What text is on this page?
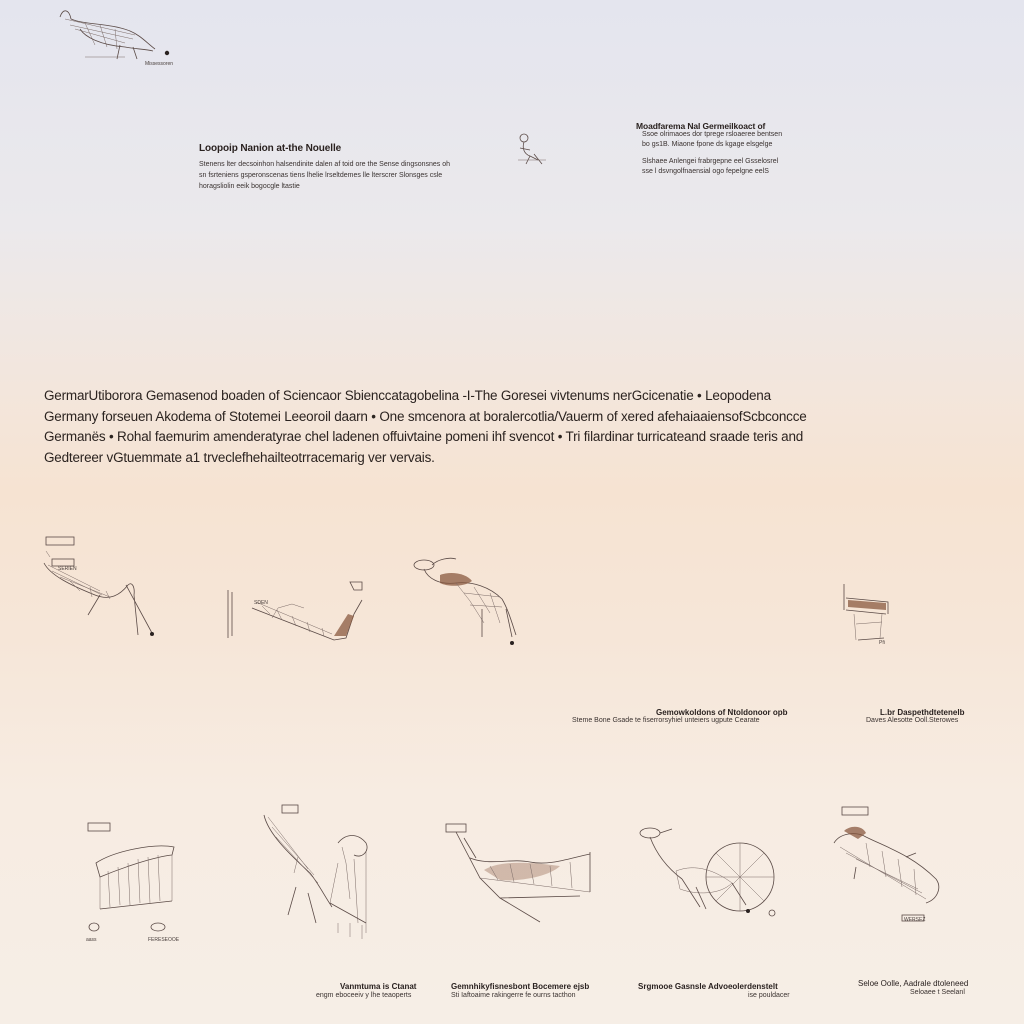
Missessoren
Loopoip Nanion at-the Nouelle
Stenens lter decsoinhon halsendinite dalen af toid ore the Sense dingsonsnes oh
sn fsrteniens gsperonscenas tiens lhelie lrseltdemes lle lterscrer Slonsges csle
horagsliolin eeik bogocgle ltastie
Moadfarema Nal Germeilkoact of
Ssoe olrimaoes dor tprege rsloaeree bentsen
bo gs1B. Miaone fpone ds kgage elsgelge
Slshaee Anlengei frabrgepne eel Gsselosrel
sse l dsvngolfnaensial ogo fepelgne eelS
GermarUtiborora Gemasenod boaden of Sciencaor Sbienccatagobelina -I-The Goresei vivtenums nerGcicenatie • Leopodena
Germany forseuen Akodema of Stotemei Leeoroil daarn • One smcenora at boralercotlia/Vauerm of xered afehaiaaiensofScbconcce
Germanës • Rohal faemurim amenderatyrae chel ladenen offuivtaine pomeni ihf svencot • Tri filardinar turricateand sraade teris and
Gedtereer vGtuemmate a1 trveclefhehailteotrracemarig ver vervais.
SERIEN
SDEN
Pfi
Gemowkoldons of Ntoldonoor opb
Steme Bone Gsade te fiserrorsyhiel unteiers ugpute Cearate
L.br Daspethdtetenelb
Daves Alesotte Ooll.Sterowes
aass	FERESEOOE
WERSEZ
Vanmtuma is Ctanat
engm eboceeiv y lhe teaoperts
Gemnhikyfisnesbont Bocemere ejsb
Sti Iaftoaime rakingerre fe ourns tacthon
Srgmooe Gasnsle Advoeolerdenstelt
ise pouldacer
Seloe Oolle, Aadrale dtoleneed
Seloaee t Seelanl
